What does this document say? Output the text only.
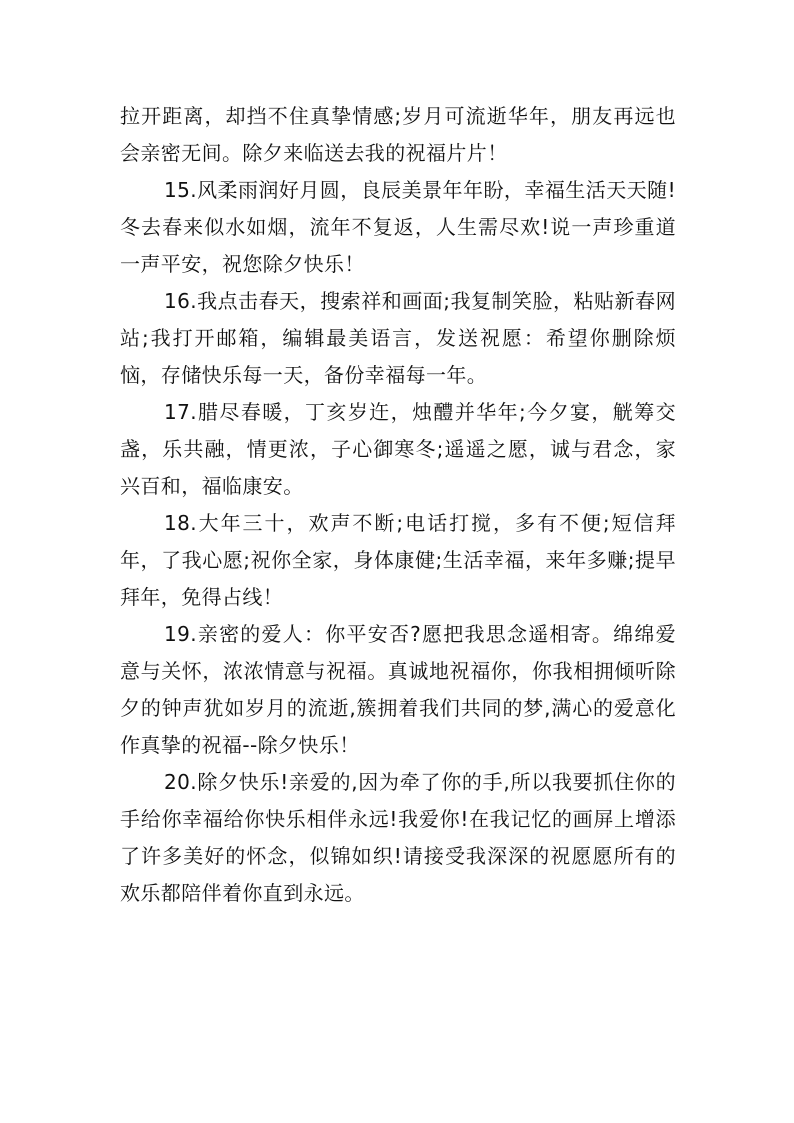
拉开距离，却挡不住真挚情感;岁月可流逝华年，朋友再远也会亲密无间。除夕来临送去我的祝福片片！

15.风柔雨润好月圆，良辰美景年年盼，幸福生活天天随!冬去春来似水如烟，流年不复返，人生需尽欢!说一声珍重道一声平安，祝您除夕快乐！

16.我点击春天，搜索祥和画面;我复制笑脸，粘贴新春网站;我打开邮箱，编辑最美语言，发送祝愿：希望你删除烦恼，存储快乐每一天，备份幸福每一年。

17.腊尽春暖，丁亥岁迕，烛醴并华年;今夕宴，觥筹交盏，乐共融，情更浓，子心御寒冬;遥遥之愿，诚与君念，家兴百和，福临康安。

18.大年三十，欢声不断;电话打搅，多有不便;短信拜年，了我心愿;祝你全家，身体康健;生活幸福，来年多赚;提早拜年，免得占线！

19.亲密的爱人：你平安否?愿把我思念遥相寄。绵绵爱意与关怀，浓浓情意与祝福。真诚地祝福你，你我相拥倾听除夕的钟声犹如岁月的流逝,簇拥着我们共同的梦,满心的爱意化作真挚的祝福--除夕快乐！

20.除夕快乐!亲爱的,因为牵了你的手,所以我要抓住你的手给你幸福给你快乐相伴永远!我爱你!在我记忆的画屏上增添了许多美好的怀念，似锦如织!请接受我深深的祝愿愿所有的欢乐都陪伴着你直到永远。
